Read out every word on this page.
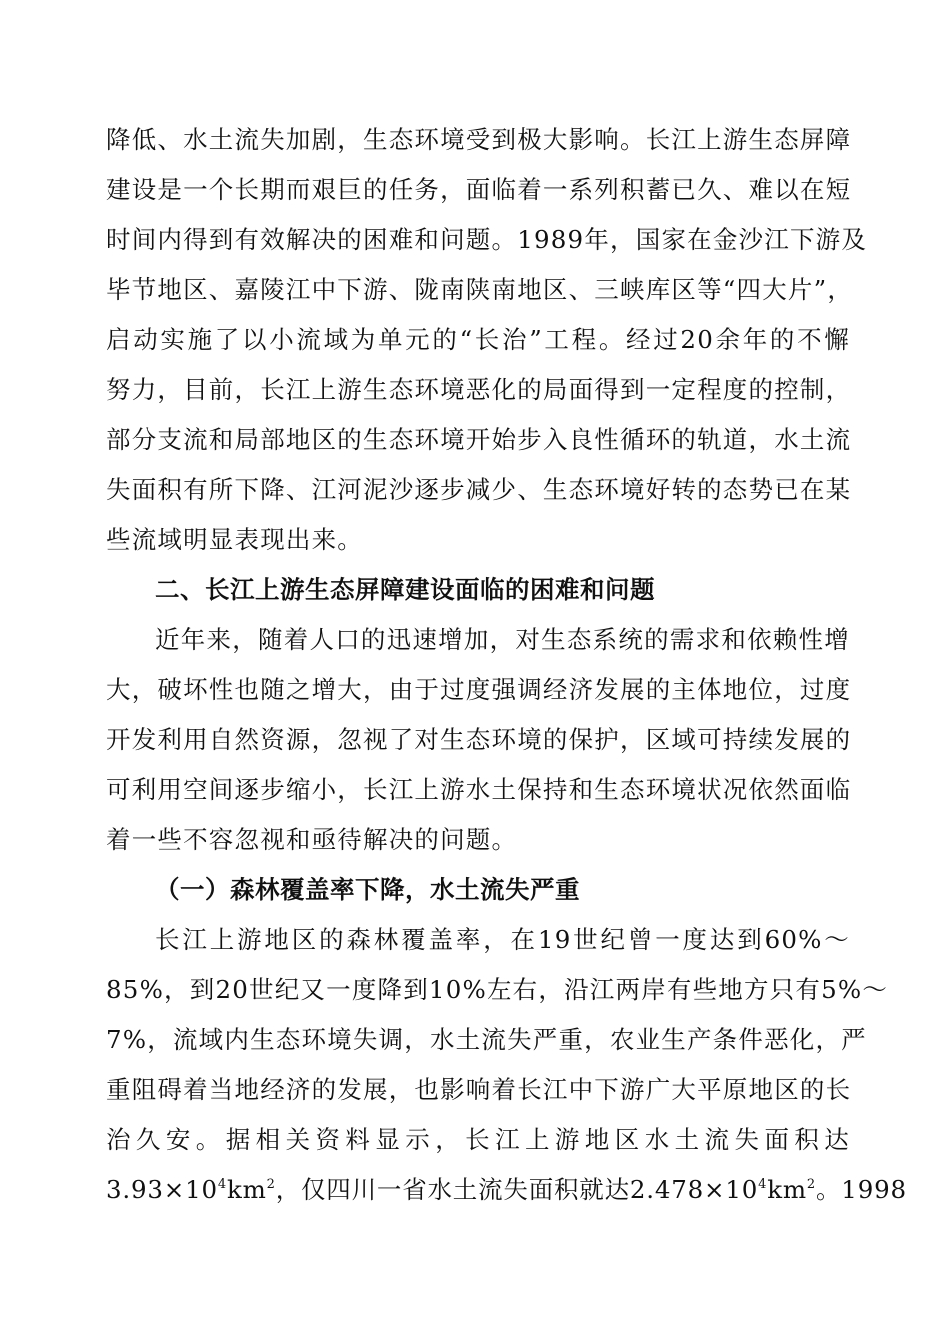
降低、水土流失加剧，生态环境受到极大影响。长江上游生态屏障
建设是一个长期而艰巨的任务，面临着一系列积蓄已久、难以在短
时间内得到有效解决的困难和问题。1989年，国家在金沙江下游及
毕节地区、嘉陵江中下游、陇南陕南地区、三峡库区等“四大片”，
启动实施了以小流域为单元的“长治”工程。经过20余年的不懈
努力，目前，长江上游生态环境恶化的局面得到一定程度的控制，
部分支流和局部地区的生态环境开始步入良性循环的轨道，水土流
失面积有所下降、江河泥沙逐步减少、生态环境好转的态势已在某
些流域明显表现出来。
二、长江上游生态屏障建设面临的困难和问题
近年来，随着人口的迅速增加，对生态系统的需求和依赖性增
大，破坏性也随之增大，由于过度强调经济发展的主体地位，过度
开发利用自然资源，忽视了对生态环境的保护，区域可持续发展的
可利用空间逐步缩小，长江上游水土保持和生态环境状况依然面临
着一些不容忽视和亟待解决的问题。
（一）森林覆盖率下降，水土流失严重
长江上游地区的森林覆盖率，在19世纪曾一度达到60%～
85%，到20世纪又一度降到10%左右，沿江两岸有些地方只有5%～
7%，流域内生态环境失调，水土流失严重，农业生产条件恶化，严
重阻碍着当地经济的发展，也影响着长江中下游广大平原地区的长
治久安。据相关资料显示，长江上游地区水土流失面积达
$3.93\times 10^4km^2$，仅四川一省水土流失面积就达$2.478\times 10^4km^2$。1998
